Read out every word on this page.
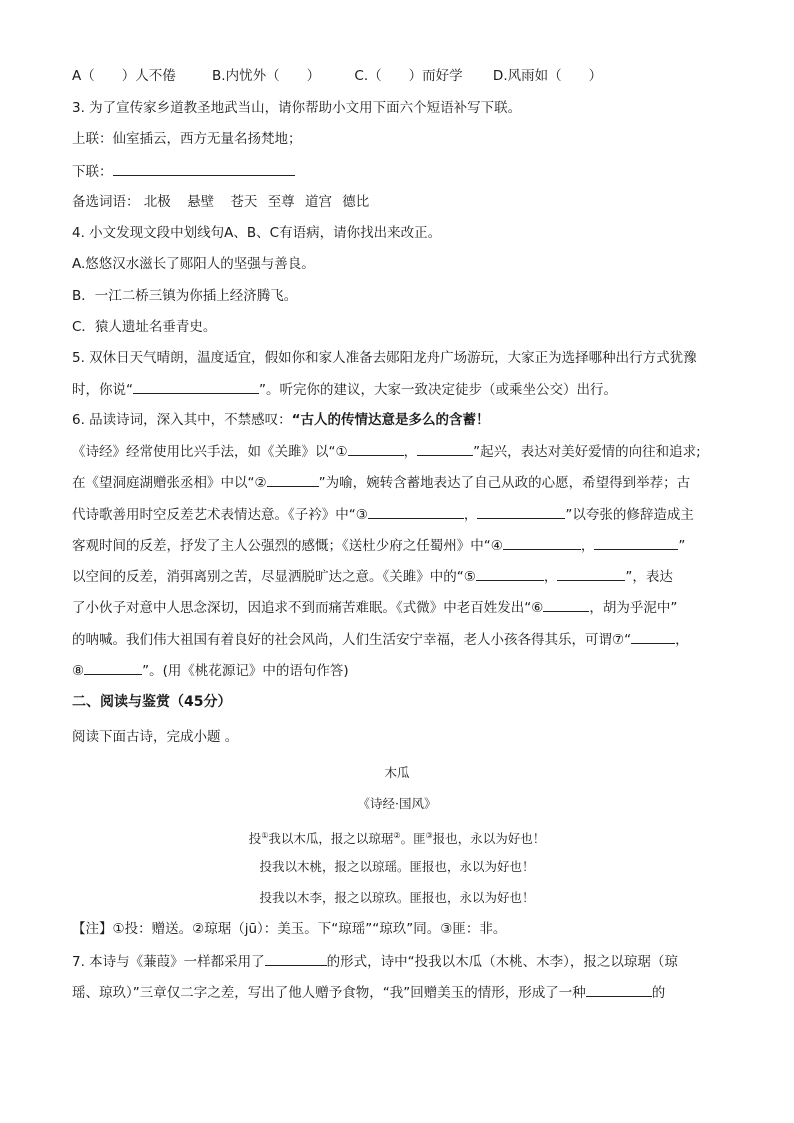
A（　　）人不倦	B.内忧外（　　）	C.（　　）而好学 D.风雨如（　　）
3. 为了宣传家乡道教圣地武当山，请你帮助小文用下面六个短语补写下联。
上联：仙室插云，西方无量名扬梵地；
下联：
备选词语： 北极 悬壁 苍天 至尊 道宫 德比
4. 小文发现文段中划线句A、B、C有语病，请你找出来改正。
A.悠悠汉水滋长了郧阳人的坚强与善良。
B．一江二桥三镇为你插上经济腾飞。
C．猿人遗址名垂青史。
5. 双休日天气晴朗，温度适宜，假如你和家人准备去郧阳龙舟广场游玩，大家正为选择哪种出行方式犹豫
时，你说“	”。听完你的建议，大家一致决定徒步（或乘坐公交）出行。
6. 品读诗词，深入其中，不禁感叹：“古人的传情达意是多么的含蓄！
《诗经》经常使用比兴手法，如《关雎》以“①	，	”起兴，表达对美好爱情的向往和追求;
在《望洞庭湖赠张丞相》中以“②	”为喻，婉转含蓄地表达了自己从政的心愿，希望得到举荐；古
代诗歌善用时空反差艺术表情达意。《子衿》中“③	，	”以夸张的修辞造成主
客观时间的反差，抒发了主人公强烈的感慨；《送杜少府之任蜀州》中“④	，	”
以空间的反差，消弭离别之苦，尽显洒脱旷达之意。《关雎》中的“⑤	，	”，表达
了小伙子对意中人思念深切，因追求不到而痛苦难眠。《式微》中老百姓发出“⑥	，胡为乎泥中”
的呐喊。我们伟大祖国有着良好的社会风尚，人们生活安宁幸福，老人小孩各得其乐，可谓⑦“	，
⑧	”。(用《桃花源记》中的语句作答)
二、阅读与鉴赏（45分）
阅读下面古诗，完成小题 。
木瓜
《诗经·国风》
投①我以木瓜，报之以琼琚②。匪③报也，永以为好也！
投我以木桃，报之以琼瑶。匪报也，永以为好也！
投我以木李，报之以琼玖。匪报也，永以为好也！
【注】①投：赠送。②琼琚（jū）：美玉。下“琼瑶”“琼玖”同。③匪：非。
7. 本诗与《蒹葭》一样都采用了	的形式，诗中“投我以木瓜（木桃、木李），报之以琼琚（琼
瑶、琼玖）”三章仅二字之差，写出了他人赠予食物，“我”回赠美玉的情形，形成了一种	的
